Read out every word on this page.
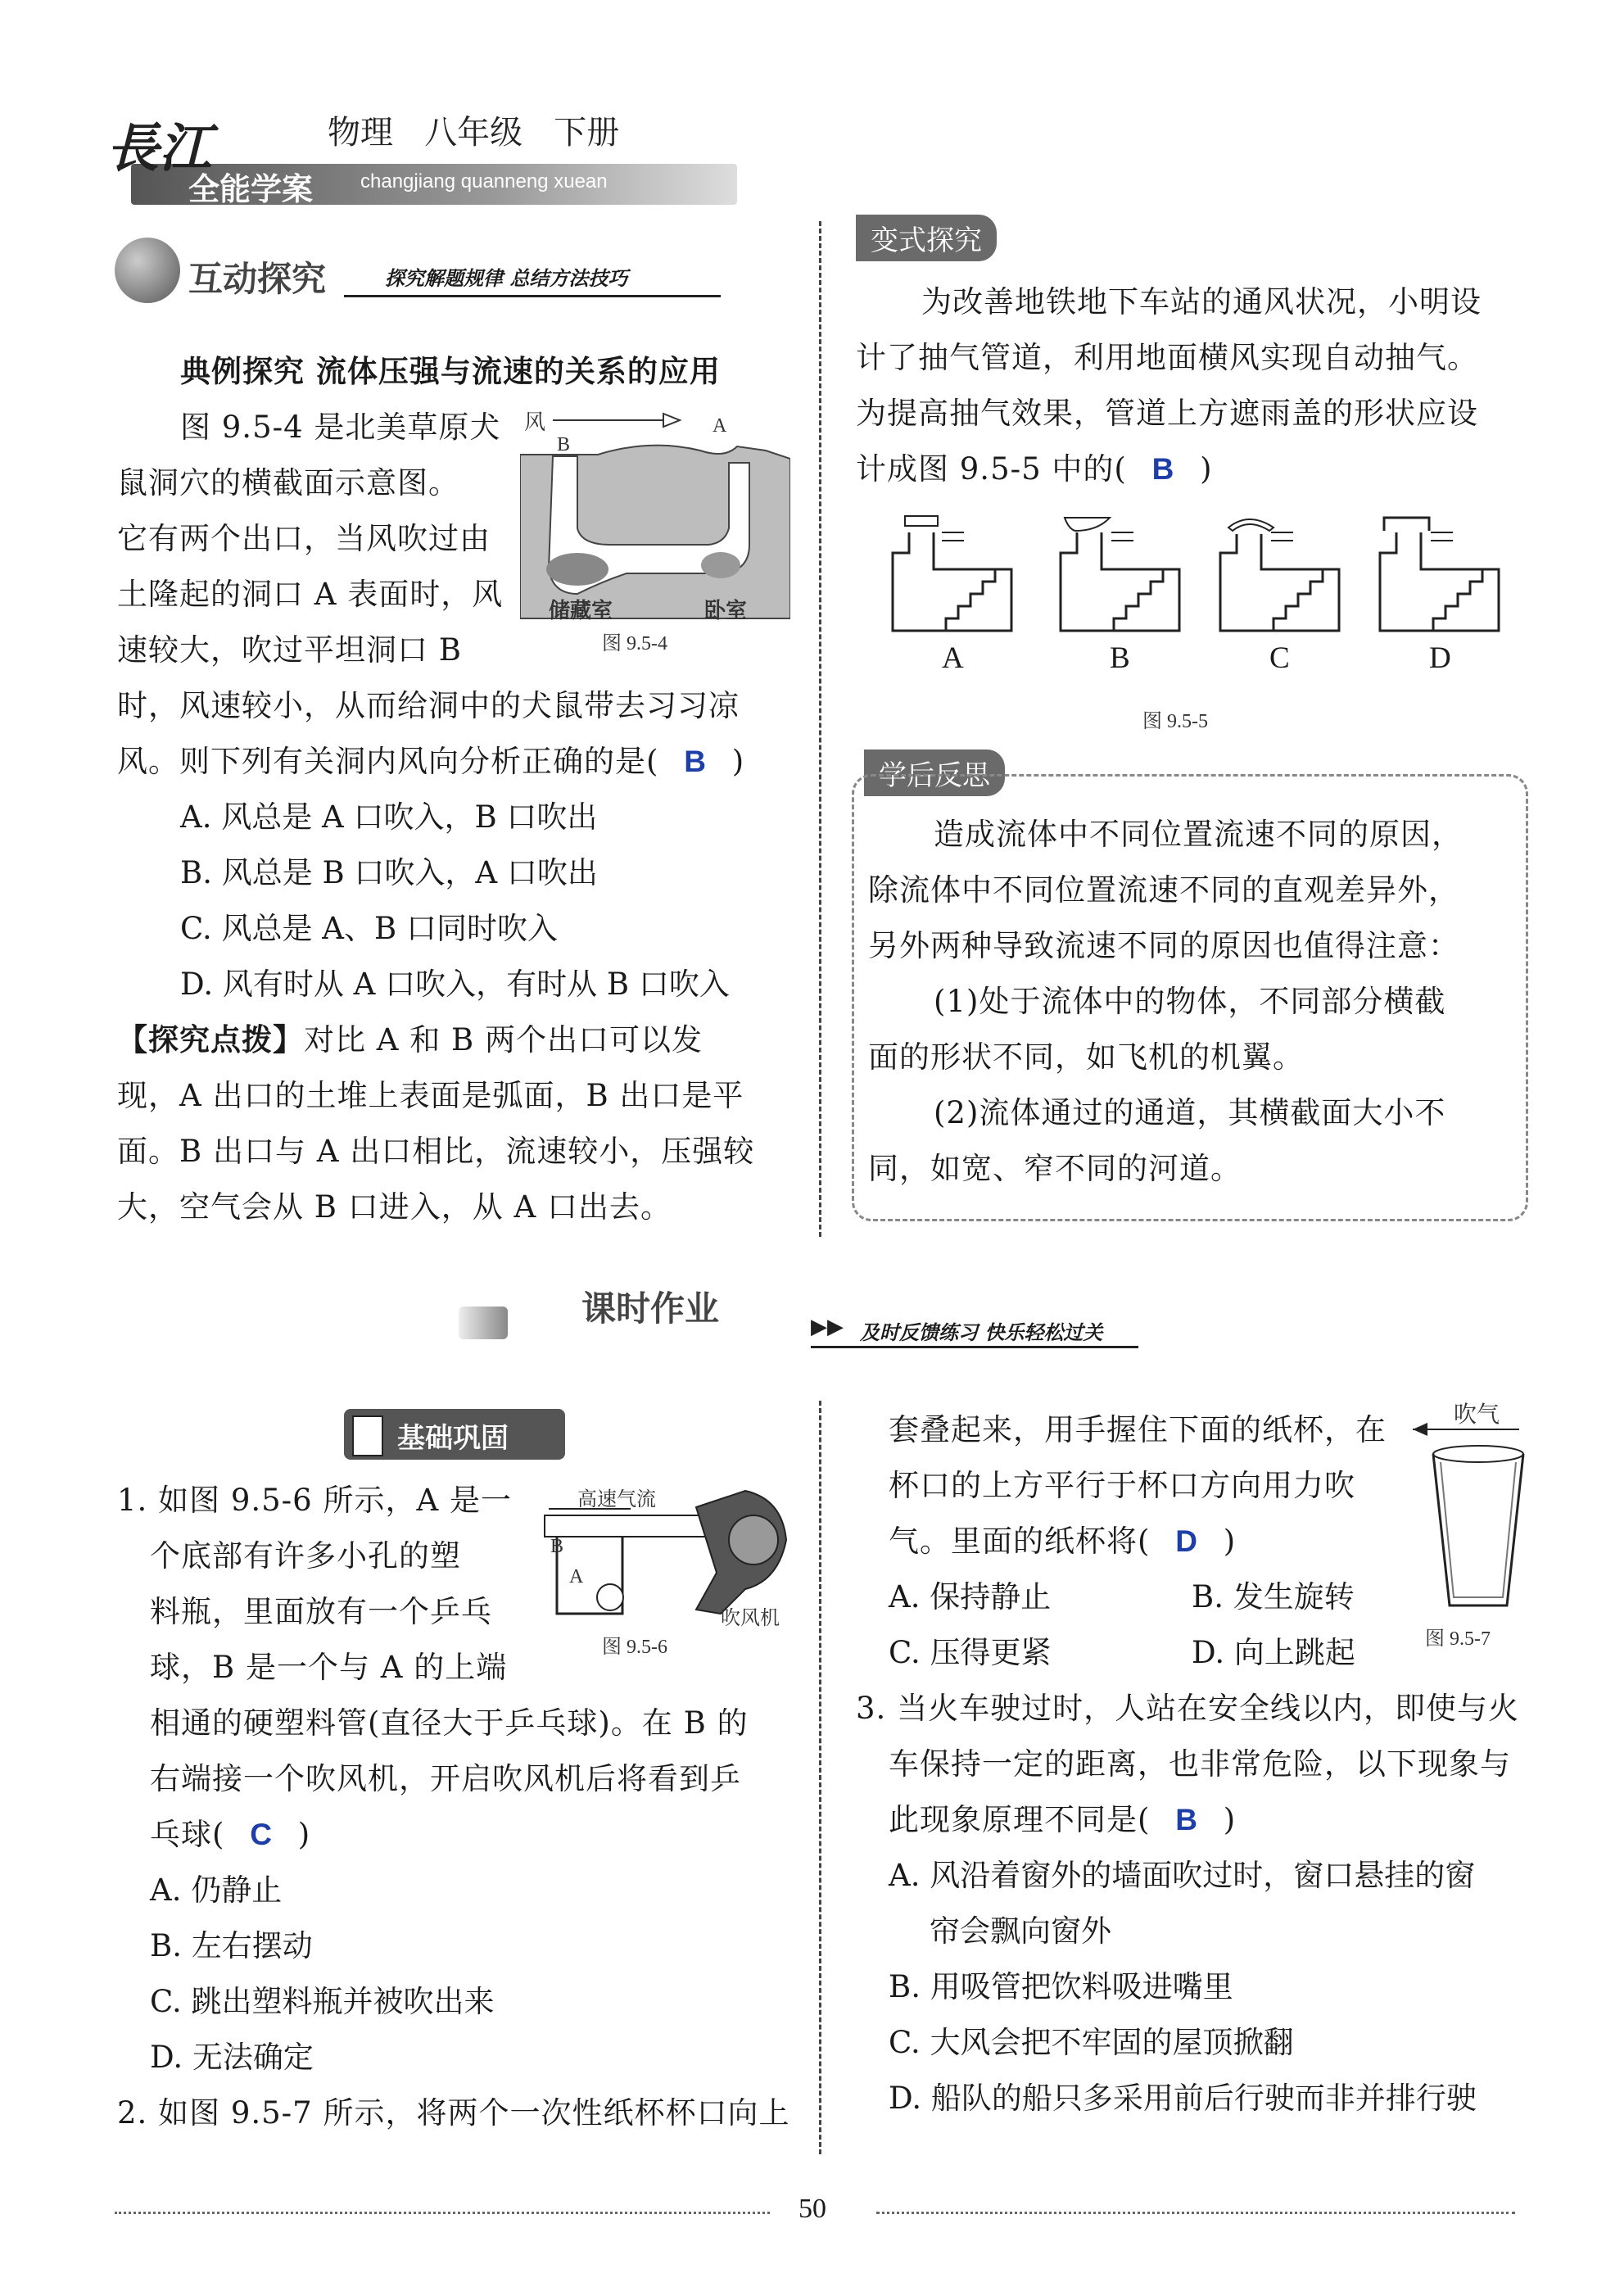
長江
全能学案
物理   八年级   下册
changjiang quanneng xuean
互动探究	探究解题规律 总结方法技巧
典例探究 流体压强与流速的关系的应用
图 9.5-4 是北美草原犬
鼠洞穴的横截面示意图。
它有两个出口，当风吹过由
土隆起的洞口 A 表面时，风
速较大，吹过平坦洞口 B
时，风速较小，从而给洞中的犬鼠带去习习凉
风。则下列有关洞内风向分析正确的是( B )
风
B
A
储藏室	卧室
图 9.5-4
A. 风总是 A 口吹入，B 口吹出
B. 风总是 B 口吹入，A 口吹出
C. 风总是 A、B 口同时吹入
D. 风有时从 A 口吹入，有时从 B 口吹入
【探究点拨】对比 A 和 B 两个出口可以发
现，A 出口的土堆上表面是弧面，B 出口是平
面。B 出口与 A 出口相比，流速较小，压强较
大，空气会从 B 口进入，从 A 口出去。
变式探究
为改善地铁地下车站的通风状况，小明设
计了抽气管道，利用地面横风实现自动抽气。
为提高抽气效果，管道上方遮雨盖的形状应设
计成图 9.5-5 中的( B )
A	B	C	D
图 9.5-5
学后反思
造成流体中不同位置流速不同的原因，
除流体中不同位置流速不同的直观差异外，
另外两种导致流速不同的原因也值得注意：
(1)处于流体中的物体，不同部分横截
面的形状不同，如飞机的机翼。
(2)流体通过的通道，其横截面大小不
同，如宽、窄不同的河道。
课时作业	▶▶ 及时反馈练习 快乐轻松过关
基础巩固
1. 如图 9.5-6 所示，A 是一
个底部有许多小孔的塑
料瓶，里面放有一个乒乓
球，B 是一个与 A 的上端
相通的硬塑料管(直径大于乒乓球)。在 B 的
右端接一个吹风机，开启吹风机后将看到乒
乓球( C )
A. 仍静止
B. 左右摆动
C. 跳出塑料瓶并被吹出来
D. 无法确定
高速气流
B
A
吹风机
图 9.5-6
2. 如图 9.5-7 所示，将两个一次性纸杯杯口向上
套叠起来，用手握住下面的纸杯，在
杯口的上方平行于杯口方向用力吹
气。里面的纸杯将( D )
A. 保持静止	B. 发生旋转
C. 压得更紧	D. 向上跳起
吹气
图 9.5-7
3. 当火车驶过时，人站在安全线以内，即使与火
车保持一定的距离，也非常危险，以下现象与
此现象原理不同是( B )
A. 风沿着窗外的墙面吹过时，窗口悬挂的窗
帘会飘向窗外
B. 用吸管把饮料吸进嘴里
C. 大风会把不牢固的屋顶掀翻
D. 船队的船只多采用前后行驶而非并排行驶
50
